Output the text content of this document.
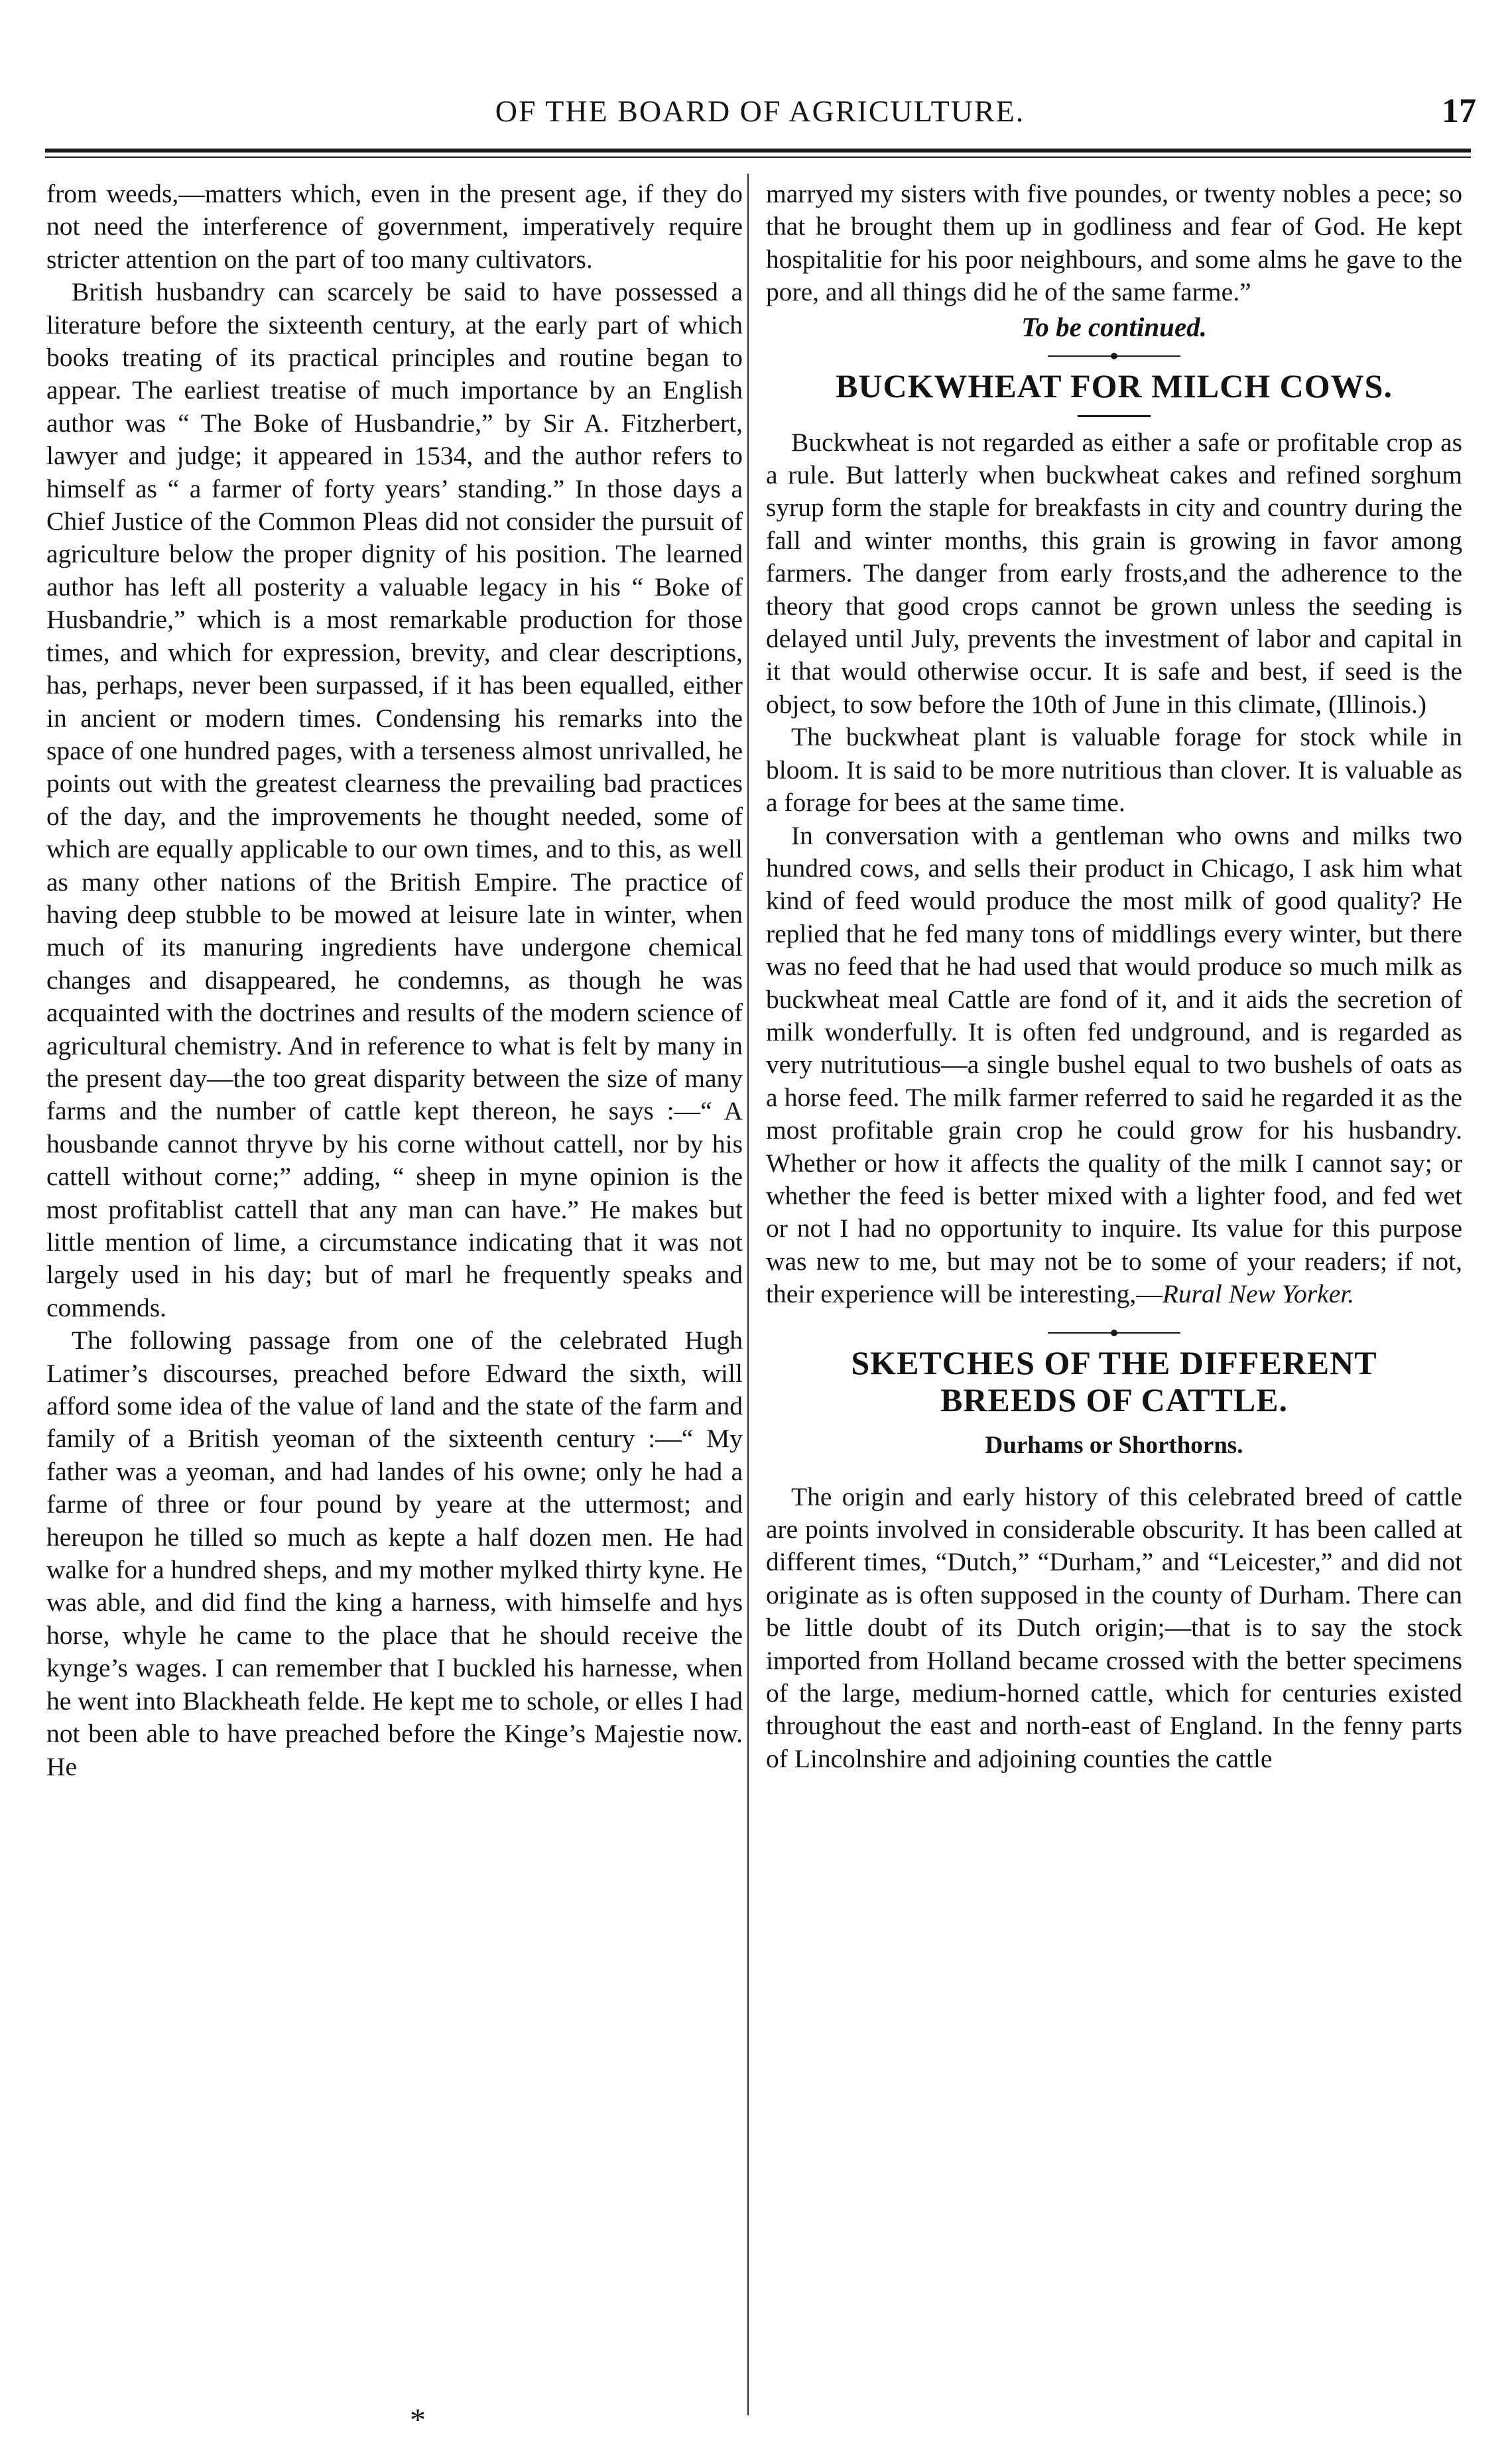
OF THE BOARD OF AGRICULTURE.	17

from weeds,—matters which, even in the present age, if they do not need the interference of government, imperatively require stricter attention on the part of too many cultivators.

British husbandry can scarcely be said to have possessed a literature before the sixteenth century, at the early part of which books treating of its practical principles and routine began to appear. The earliest treatise of much importance by an English author was “ The Boke of Husbandrie,” by Sir A. Fitzherbert, lawyer and judge; it appeared in 1534, and the author refers to himself as “ a farmer of forty years’ standing.” In those days a Chief Justice of the Common Pleas did not consider the pursuit of agriculture below the proper dignity of his position. The learned author has left all posterity a valuable legacy in his “ Boke of Husbandrie,” which is a most remarkable production for those times, and which for expression, brevity, and clear descriptions, has, perhaps, never been surpassed, if it has been equalled, either in ancient or modern times. Condensing his remarks into the space of one hundred pages, with a terseness almost unrivalled, he points out with the greatest clearness the prevailing bad practices of the day, and the improvements he thought needed, some of which are equally applicable to our own times, and to this, as well as many other nations of the British Empire. The practice of having deep stubble to be mowed at leisure late in winter, when much of its manuring ingredients have undergone chemical changes and disappeared, he condemns, as though he was acquainted with the doctrines and results of the modern science of agricultural chemistry. And in reference to what is felt by many in the present day—the too great disparity between the size of many farms and the number of cattle kept thereon, he says :—“ A housbande cannot thryve by his corne without cattell, nor by his cattell without corne;” adding, “ sheep in myne opinion is the most profitablist cattell that any man can have.” He makes but little mention of lime, a circumstance indicating that it was not largely used in his day; but of marl he frequently speaks and commends.

The following passage from one of the celebrated Hugh Latimer’s discourses, preached before Edward the sixth, will afford some idea of the value of land and the state of the farm and family of a British yeoman of the sixteenth century :—“ My father was a yeoman, and had landes of his owne; only he had a farme of three or four pound by yeare at the uttermost; and hereupon he tilled so much as kepte a half dozen men. He had walke for a hundred sheps, and my mother mylked thirty kyne. He was able, and did find the king a harness, with himselfe and hys horse, whyle he came to the place that he should receive the kynge’s wages. I can remember that I buckled his harnesse, when he went into Blackheath felde. He kept me to schole, or elles I had not been able to have preached before the Kinge’s Majestie now. He

marryed my sisters with five poundes, or twenty nobles a pece; so that he brought them up in godliness and fear of God. He kept hospitalitie for his poor neighbours, and some alms he gave to the pore, and all things did he of the same farme.”

To be continued.
BUCKWHEAT FOR MILCH COWS.

Buckwheat is not regarded as either a safe or profitable crop as a rule. But latterly when buckwheat cakes and refined sorghum syrup form the staple for breakfasts in city and country during the fall and winter months, this grain is growing in favor among farmers. The danger from early frosts,and the adherence to the theory that good crops cannot be grown unless the seeding is delayed until July, prevents the investment of labor and capital in it that would otherwise occur. It is safe and best, if seed is the object, to sow before the 10th of June in this climate, (Illinois.)

The buckwheat plant is valuable forage for stock while in bloom. It is said to be more nutritious than clover. It is valuable as a forage for bees at the same time.

In conversation with a gentleman who owns and milks two hundred cows, and sells their product in Chicago, I ask him what kind of feed would produce the most milk of good quality? He replied that he fed many tons of middlings every winter, but there was no feed that he had used that would produce so much milk as buckwheat meal Cattle are fond of it, and it aids the secretion of milk wonderfully. It is often fed undground, and is regarded as very nutritutious—a single bushel equal to two bushels of oats as a horse feed. The milk farmer referred to said he regarded it as the most profitable grain crop he could grow for his husbandry. Whether or how it affects the quality of the milk I cannot say; or whether the feed is better mixed with a lighter food, and fed wet or not I had no opportunity to inquire. Its value for this purpose was new to me, but may not be to some of your readers; if not, their experience will be interesting,—Rural New Yorker.

SKETCHES OF THE DIFFERENT
BREEDS OF CATTLE.
Durhams or Shorthorns.

The origin and early history of this celebrated breed of cattle are points involved in considerable obscurity. It has been called at different times, “Dutch,” “Durham,” and “Leicester,” and did not originate as is often supposed in the county of Durham. There can be little doubt of its Dutch origin;—that is to say the stock imported from Holland became crossed with the better specimens of the large, medium-horned cattle, which for centuries existed throughout the east and north-east of England. In the fenny parts of Lincolnshire and adjoining counties the cattle

*
